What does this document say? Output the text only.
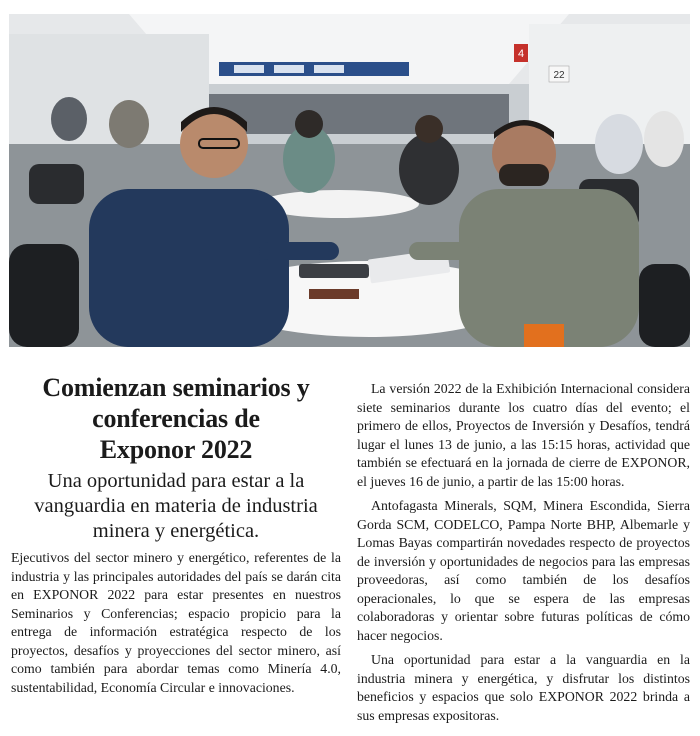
4
22
Comienzan seminarios y
conferencias de
Exponor 2022

Una oportunidad para estar a la vanguardia en materia de industria minera y energética.

Ejecutivos del sector minero y energético, referentes de la industria y las principales autoridades del país se darán cita en EXPONOR 2022 para estar presentes en nuestros Seminarios y Conferencias; espacio propicio para la entrega de información estratégica respecto de los proyectos, desafíos y proyecciones del sector minero, así como también para abordar temas como Minería 4.0, sustentabilidad, Economía Circular e innovaciones.

La versión 2022 de la Exhibición Internacional considera siete seminarios durante los cuatro días del evento; el primero de ellos, Proyectos de Inversión y Desafíos, tendrá lugar el lunes 13 de junio, a las 15:15 horas, actividad que también se efectuará en la jornada de cierre de EXPONOR, el jueves 16 de junio, a partir de las 15:00 horas.

Antofagasta Minerals, SQM, Minera Escondida, Sierra Gorda SCM, CODELCO, Pampa Norte BHP, Albemarle y Lomas Bayas compartirán novedades respecto de proyectos de inversión y oportunidades de negocios para las empresas proveedoras, así como también de los desafíos operacionales, lo que se espera de las empresas colaboradoras y orientar sobre futuras políticas de cómo hacer negocios.

Una oportunidad para estar a la vanguardia en la industria minera y energética, y disfrutar los distintos beneficios y espacios que solo EXPONOR 2022 brinda a sus empresas expositoras.
